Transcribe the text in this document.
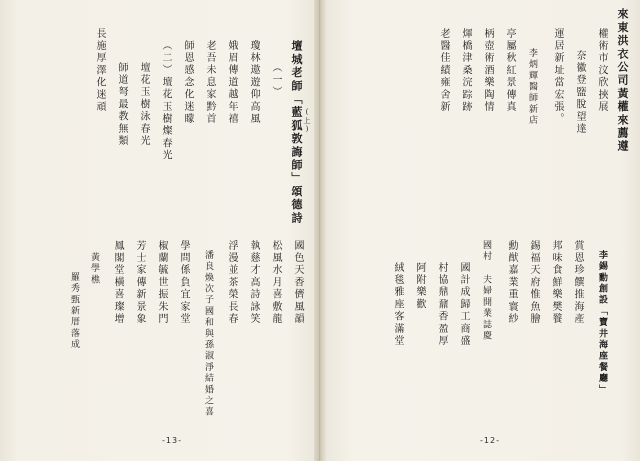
來東洪衣公司黃權來薦遵
權術市汶欣挾展
奈徽登盬脫望達
運居新址當宏張。
李炳輝醫師新店
亭屬秋紅景傳真
柄壺術酒樂陶情
煇橋津桑浣踪跡
老醫佳績雍舍新
李錫勳創設「寶井海座餐廳」
賞恩珍饌推海產
邦味食鮮樂樊餮
錫福天府惟魚膾
勳猷嘉業重寰紗
國村 夫婦開業誌慶
國計成歸工商盛
村協鼎鼐香盈厚
阿附樂歡
絨毯雅座客滿堂
-12-
壇城老師「藍狐敦誨師」頌德詩 (上)
（一）
瓊林遨遊仰高風
娥眉傳道越年禧
老吾未息家黔首
師恩感念化迷矇
（二）壇花玉樹燦春光
壇花玉樹泳春光
師道弩最教無類
長施厚澤化迷頑
國色天香儕風韻
松風水月喜敷龍
執慈才高詩詠笑
浮漫並茶榮長春
潘良煥次子國和與孫淑淨結婚之喜
學問係負宜家堂
椒蘭毓世振朱門
芳士家傳新景象
鳳閣堂橫喜璨增
黃學樵
羅秀甄新厝落成
-13-
